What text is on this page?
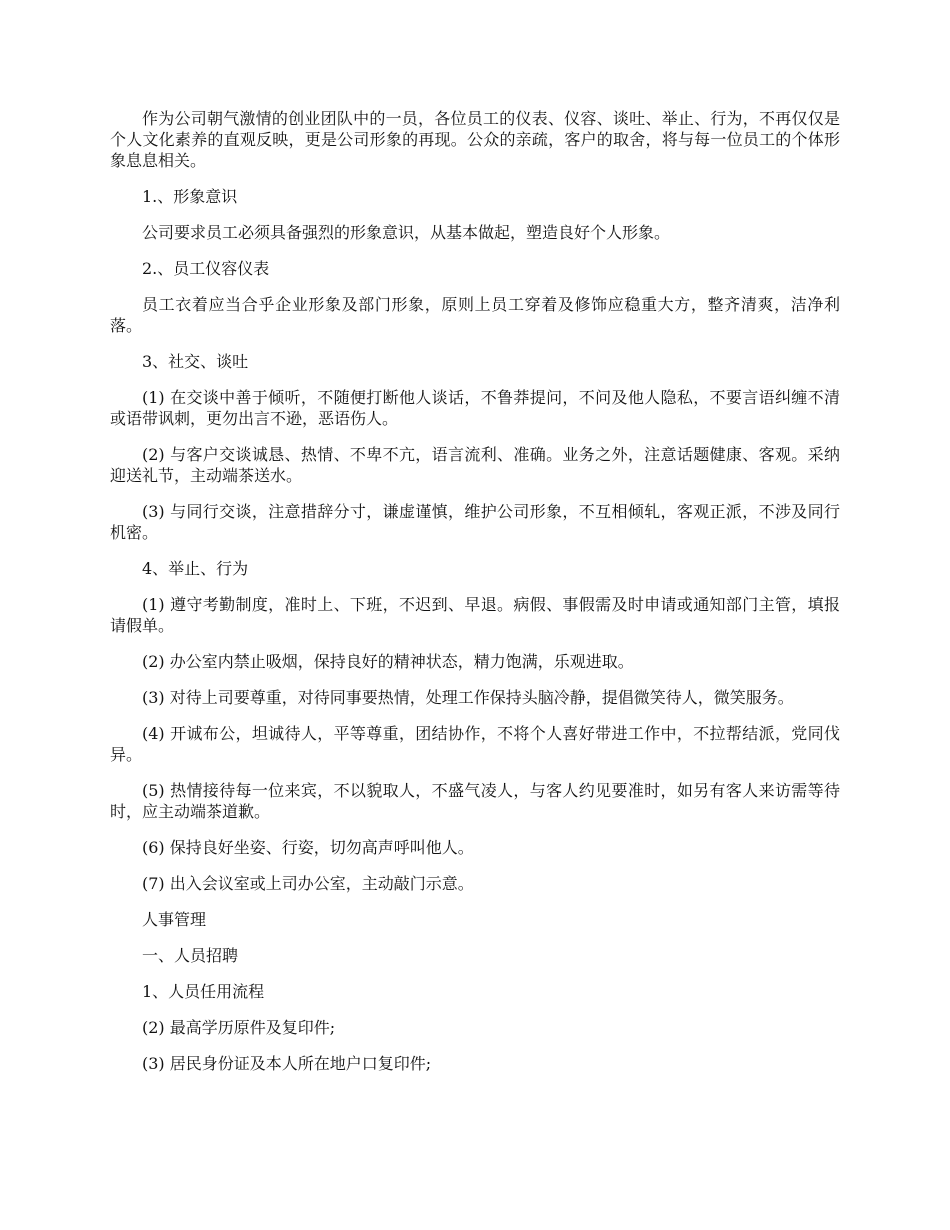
作为公司朝气激情的创业团队中的一员，各位员工的仪表、仪容、谈吐、举止、行为，不再仅仅是个人文化素养的直观反映，更是公司形象的再现。公众的亲疏，客户的取舍，将与每一位员工的个体形象息息相关。

1.、形象意识

公司要求员工必须具备强烈的形象意识，从基本做起，塑造良好个人形象。

2.、员工仪容仪表

员工衣着应当合乎企业形象及部门形象，原则上员工穿着及修饰应稳重大方，整齐清爽，洁净利落。

3、社交、谈吐

(1) 在交谈中善于倾听，不随便打断他人谈话，不鲁莽提问，不问及他人隐私，不要言语纠缠不清或语带讽刺，更勿出言不逊，恶语伤人。

(2) 与客户交谈诚恳、热情、不卑不亢，语言流利、准确。业务之外，注意话题健康、客观。采纳迎送礼节，主动端茶送水。

(3) 与同行交谈，注意措辞分寸，谦虚谨慎，维护公司形象，不互相倾轧，客观正派，不涉及同行机密。

4、举止、行为

(1) 遵守考勤制度，准时上、下班，不迟到、早退。病假、事假需及时申请或通知部门主管，填报请假单。

(2) 办公室内禁止吸烟，保持良好的精神状态，精力饱满，乐观进取。

(3) 对待上司要尊重，对待同事要热情，处理工作保持头脑冷静，提倡微笑待人，微笑服务。

(4) 开诚布公，坦诚待人，平等尊重，团结协作，不将个人喜好带进工作中，不拉帮结派，党同伐异。

(5) 热情接待每一位来宾，不以貌取人，不盛气凌人，与客人约见要准时，如另有客人来访需等待时，应主动端茶道歉。

(6) 保持良好坐姿、行姿，切勿高声呼叫他人。

(7) 出入会议室或上司办公室，主动敲门示意。

人事管理

一、人员招聘

1、人员任用流程

(2) 最高学历原件及复印件;

(3) 居民身份证及本人所在地户口复印件;
